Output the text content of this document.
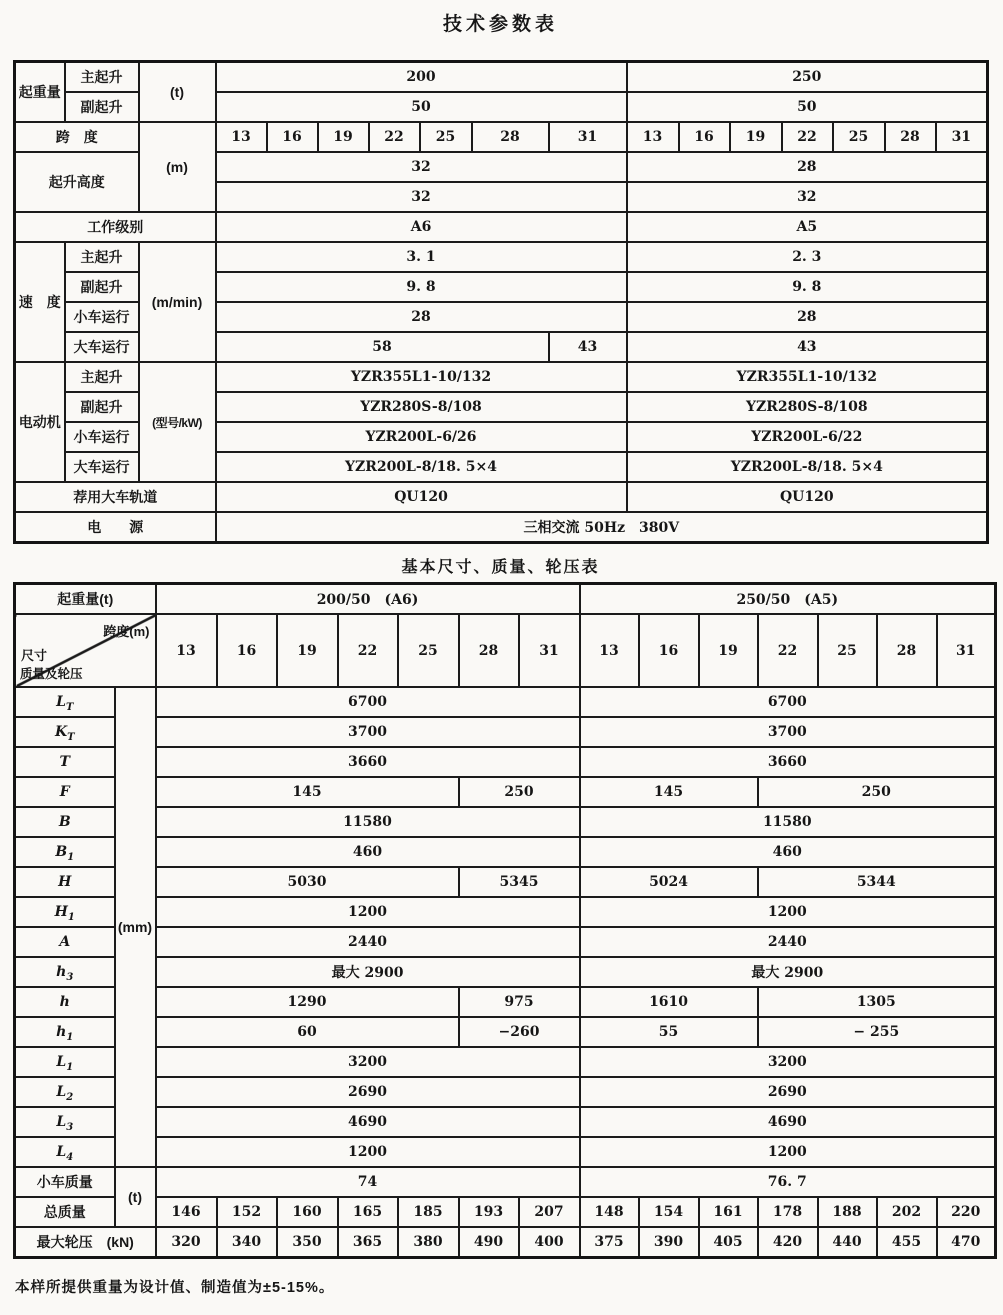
技术参数表
起重量	主起升	(t)	200							250						
	副起升		50							50						
跨　度		(m)	13	16	19	22	25	28	31	13	16	19	22	25	28	31
起升高度			32							28						
			32							32						
工作级别			A6							A5						
速　度	主起升	(m/min)	3. 1							2. 3						
	副起升		9. 8							9. 8						
	小车运行		28							28						
	大车运行		58						43	43						
电动机	主起升	(型号/kW)	YZR355L1-10/132							YZR355L1-10/132						
	副起升		YZR280S-8/108							YZR280S-8/108						
	小车运行		YZR200L-6/26							YZR200L-6/22						
	大车运行		YZR200L-8/18. 5×4							YZR200L-8/18. 5×4						
荐用大车轨道			QU120							QU120						
电　　源			三相交流 50Hz　380V													
基本尺寸、质量、轮压表
起重量(t)		200/50　(A6)							250/50　(A5)						

跨度(m)
尺寸
质量及轮压		13	16	19	22	25	28	31	13	16	19	22	25	28	31
$L_T$	(mm)	6700							6700						
$K_T$		3700							3700						
T		3660							3660						
F		145					250		145			250			
B		11580							11580						
$B_1$		460							460						
H		5030					5345		5024			5344			
$H_1$		1200							1200						
A		2440							2440						
$h_3$		最大 2900							最大 2900						
h		1290					975		1610			1305			
$h_1$		60					−260		55			− 255			
$L_1$		3200							3200						
$L_2$		2690							2690						
$L_3$		4690							4690						
$L_4$		1200							1200						
小车质量	(t)	74							76. 7						
总质量		146	152	160	165	185	193	207	148	154	161	178	188	202	220
最大轮压　(kN)		320	340	350	365	380	490	400	375	390	405	420	440	455	470
本样所提供重量为设计值、制造值为±5-15%。
